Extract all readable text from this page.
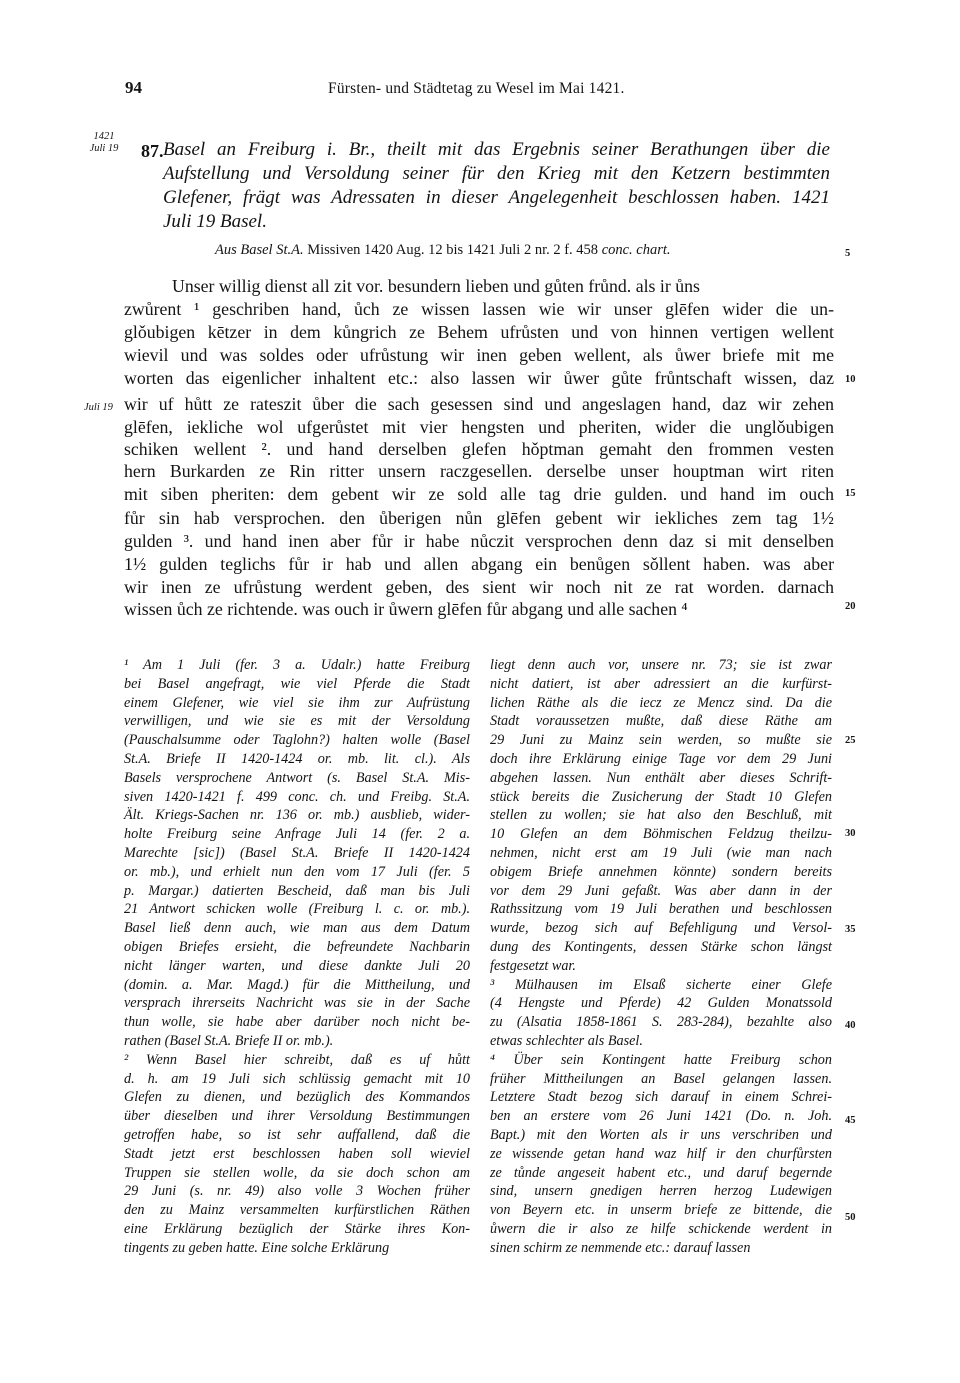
94	Fürsten- und Städtetag zu Wesel im Mai 1421.
1421
Juli 19	87. Basel an Freiburg i. Br., theilt mit das Ergebnis seiner Berathungen über die
Aufstellung und Versoldung seiner für den Krieg mit den Ketzern bestimmten
Glefener, frägt was Adressaten in dieser Angelegenheit beschlossen haben. 1421
Juli 19 Basel.
Aus Basel St.A. Missiven 1420 Aug. 12 bis 1421 Juli 2 nr. 2 f. 458 conc. chart.	5
10
15
20
25
30
35
40
45
50
Juli 19
Unser willig dienst all zit vor. besundern lieben und gůten frůnd. als ir ůns
zwůrent ¹ geschriben hand, ůch ze wissen lassen wie wir unser glēfen wider die un-
glǒubigen kētzer in dem kůngrich ze Behem ufrůsten und von hinnen vertigen wellent
wievil und was soldes oder ufrůstung wir inen geben wellent, als ůwer briefe mit me
worten das eigenlicher inhaltent etc.: also lassen wir ůwer gůte frůntschaft wissen, daz
wir uf hůtt ze rateszit ůber die sach gesessen sind und angeslagen hand, daz wir zehen
glēfen, iekliche wol ufgerůstet mit vier hengsten und pheriten, wider die unglǒubigen
schiken wellent ². und hand derselben glefen hǒptman gemaht den frommen vesten
hern Burkarden ze Rin ritter unsern raczgesellen. derselbe unser houptman wirt riten
mit siben pheriten: dem gebent wir ze sold alle tag drie gulden. und hand im ouch
fůr sin hab versprochen. den ůberigen nůn glēfen gebent wir iekliches zem tag 1½
gulden ³. und hand inen aber fůr ir habe nůczit versprochen denn daz si mit denselben
1½ gulden teglichs fůr ir hab und allen abgang ein benůgen sǒllent haben. was aber
wir inen ze ufrůstung werdent geben, des sient wir noch nit ze rat worden. darnach
wissen ůch ze richtende. was ouch ir ůwern glēfen fůr abgang und alle sachen ⁴
¹ Am 1 Juli (fer. 3 a. Udalr.) hatte Freiburg
bei Basel angefragt, wie viel Pferde die Stadt
einem Glefener, wie viel sie ihm zur Aufrüstung
verwilligen, und wie sie es mit der Versoldung
(Pauschalsumme oder Taglohn?) halten wolle (Basel
St.A. Briefe II 1420-1424 or. mb. lit. cl.). Als
Basels versprochene Antwort (s. Basel St.A. Mis-
siven 1420-1421 f. 499 conc. ch. und Freibg. St.A.
Ält. Kriegs-Sachen nr. 136 or. mb.) ausblieb, wider-
holte Freiburg seine Anfrage Juli 14 (fer. 2 a.
Marechte [sic]) (Basel St.A. Briefe II 1420-1424
or. mb.), und erhielt nun den vom 17 Juli (fer. 5
p. Margar.) datierten Bescheid, daß man bis Juli
21 Antwort schicken wolle (Freiburg l. c. or. mb.).
Basel ließ denn auch, wie man aus dem Datum
obigen Briefes ersieht, die befreundete Nachbarin
nicht länger warten, und diese dankte Juli 20
(domin. a. Mar. Magd.) für die Mittheilung, und
versprach ihrerseits Nachricht was sie in der Sache
thun wolle, sie habe aber darüber noch nicht be-
rathen (Basel St.A. Briefe II or. mb.).
² Wenn Basel hier schreibt, daß es uf hůtt
d. h. am 19 Juli sich schlüssig gemacht mit 10
Glefen zu dienen, und bezüglich des Kommandos
über dieselben und ihrer Versoldung Bestimmungen
getroffen habe, so ist sehr auffallend, daß die
Stadt jetzt erst beschlossen haben soll wieviel
Truppen sie stellen wolle, da sie doch schon am
29 Juni (s. nr. 49) also volle 3 Wochen früher
den zu Mainz versammelten kurfürstlichen Räthen
eine Erklärung bezüglich der Stärke ihres Kon-
tingents zu geben hatte. Eine solche Erklärung
liegt denn auch vor, unsere nr. 73; sie ist zwar
nicht datiert, ist aber adressiert an die kurfürst-
lichen Räthe als die iecz ze Mencz sind. Da die
Stadt voraussetzen mußte, daß diese Räthe am
29 Juni zu Mainz sein werden, so mußte sie
doch ihre Erklärung einige Tage vor dem 29 Juni
abgehen lassen. Nun enthält aber dieses Schrift-
stück bereits die Zusicherung der Stadt 10 Glefen
stellen zu wollen; sie hat also den Beschluß, mit
10 Glefen an dem Böhmischen Feldzug theilzu-
nehmen, nicht erst am 19 Juli (wie man nach
obigem Briefe annehmen könnte) sondern bereits
vor dem 29 Juni gefaßt. Was aber dann in der
Rathssitzung vom 19 Juli berathen und beschlossen
wurde, bezog sich auf Befehligung und Versol-
dung des Kontingents, dessen Stärke schon längst
festgesetzt war.
³ Mülhausen im Elsaß sicherte einer Glefe
(4 Hengste und Pferde) 42 Gulden Monatssold
zu (Alsatia 1858-1861 S. 283-284), bezahlte also
etwas schlechter als Basel.
⁴ Über sein Kontingent hatte Freiburg schon
früher Mittheilungen an Basel gelangen lassen.
Letztere Stadt bezog sich darauf in einem Schrei-
ben an erstere vom 26 Juni 1421 (Do. n. Joh.
Bapt.) mit den Worten als ir uns verschriben und
ze wissende getan hand waz hilf ir den churfůrsten
ze tůnde angeseit habent etc., und daruf begernde
sind, unsern gnedigen herren herzog Ludewigen
von Beyern etc. in unserm briefe ze bittende, die
ůwern die ir also ze hilfe schickende werdent in
sinen schirm ze nemmende etc.: darauf lassen
